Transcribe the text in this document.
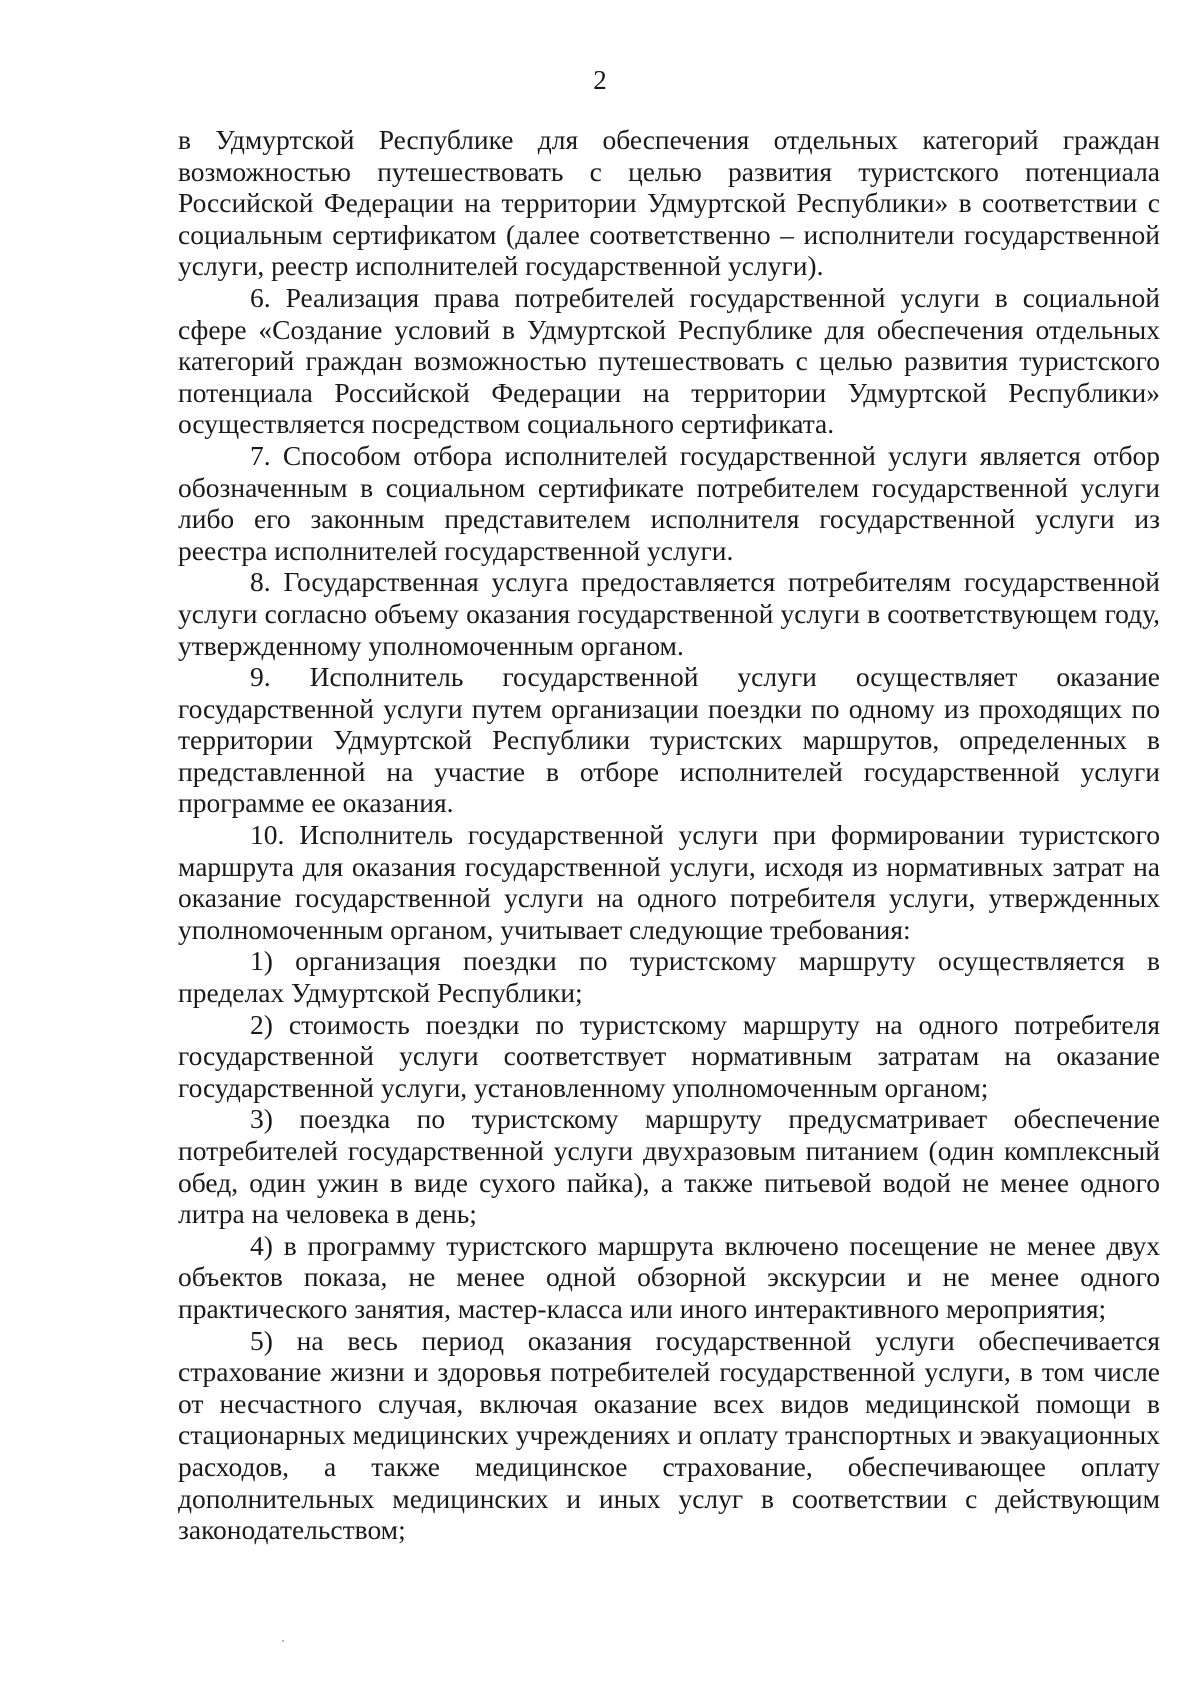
2

в Удмуртской Республике для обеспечения отдельных категорий граждан возможностью путешествовать с целью развития туристского потенциала Российской Федерации на территории Удмуртской Республики» в соответствии с социальным сертификатом (далее соответственно – исполнители государственной услуги, реестр исполнителей государственной услуги).

6. Реализация права потребителей государственной услуги в социальной сфере «Создание условий в Удмуртской Республике для обеспечения отдельных категорий граждан возможностью путешествовать с целью развития туристского потенциала Российской Федерации на территории Удмуртской Республики» осуществляется посредством социального сертификата.

7. Способом отбора исполнителей государственной услуги является отбор обозначенным в социальном сертификате потребителем государственной услуги либо его законным представителем исполнителя государственной услуги из реестра исполнителей государственной услуги.

8. Государственная услуга предоставляется потребителям государственной услуги согласно объему оказания государственной услуги в соответствующем году, утвержденному уполномоченным органом.

9. Исполнитель государственной услуги осуществляет оказание государственной услуги путем организации поездки по одному из проходящих по территории Удмуртской Республики туристских маршрутов, определенных в представленной на участие в отборе исполнителей государственной услуги программе ее оказания.

10. Исполнитель государственной услуги при формировании туристского маршрута для оказания государственной услуги, исходя из нормативных затрат на оказание государственной услуги на одного потребителя услуги, утвержденных уполномоченным органом, учитывает следующие требования:

1) организация поездки по туристскому маршруту осуществляется в пределах Удмуртской Республики;

2) стоимость поездки по туристскому маршруту на одного потребителя государственной услуги соответствует нормативным затратам на оказание государственной услуги, установленному уполномоченным органом;

3) поездка по туристскому маршруту предусматривает обеспечение потребителей государственной услуги двухразовым питанием (один комплексный обед, один ужин в виде сухого пайка), а также питьевой водой не менее одного литра на человека в день;

4) в программу туристского маршрута включено посещение не менее двух объектов показа, не менее одной обзорной экскурсии и не менее одного практического занятия, мастер-класса или иного интерактивного мероприятия;

5) на весь период оказания государственной услуги обеспечивается страхование жизни и здоровья потребителей государственной услуги, в том числе от несчастного случая, включая оказание всех видов медицинской помощи в стационарных медицинских учреждениях и оплату транспортных и эвакуационных расходов, а также медицинское страхование, обеспечивающее оплату дополнительных медицинских и иных услуг в соответствии с действующим законодательством;
